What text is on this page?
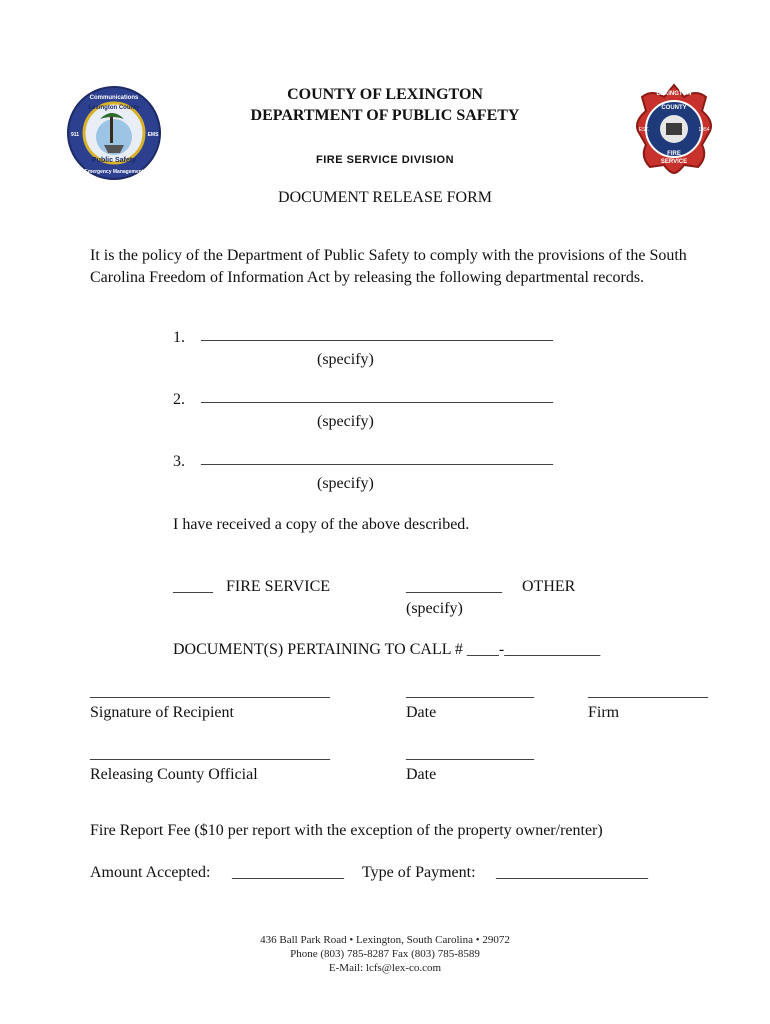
Communications
Lexington County
Public Safety
Emergency Management
911	EMS
LEXINGTON
COUNTY
EST.	1954
FIRE
SERVICE
COUNTY OF LEXINGTON
DEPARTMENT OF PUBLIC SAFETY
FIRE SERVICE DIVISION
DOCUMENT RELEASE FORM
It is the policy of the Department of Public Safety to comply with the provisions of the South Carolina Freedom of Information Act by releasing the following departmental records.
1. ____________________________________________
(specify)
2. ____________________________________________
(specify)
3. ____________________________________________
(specify)
I have received a copy of the above described.
_____ FIRE SERVICE	____________ OTHER
(specify)
DOCUMENT(S) PERTAINING TO CALL # ____-____________
______________________________
Signature of Recipient
________________
Date
_______________
Firm
______________________________
Releasing County Official
________________
Date
Fire Report Fee ($10 per report with the exception of the property owner/renter)
Amount Accepted: ______________ Type of Payment: ___________________
436 Ball Park Road • Lexington, South Carolina • 29072
Phone (803) 785-8287 Fax (803) 785-8589
E-Mail: lcfs@lex-co.com
